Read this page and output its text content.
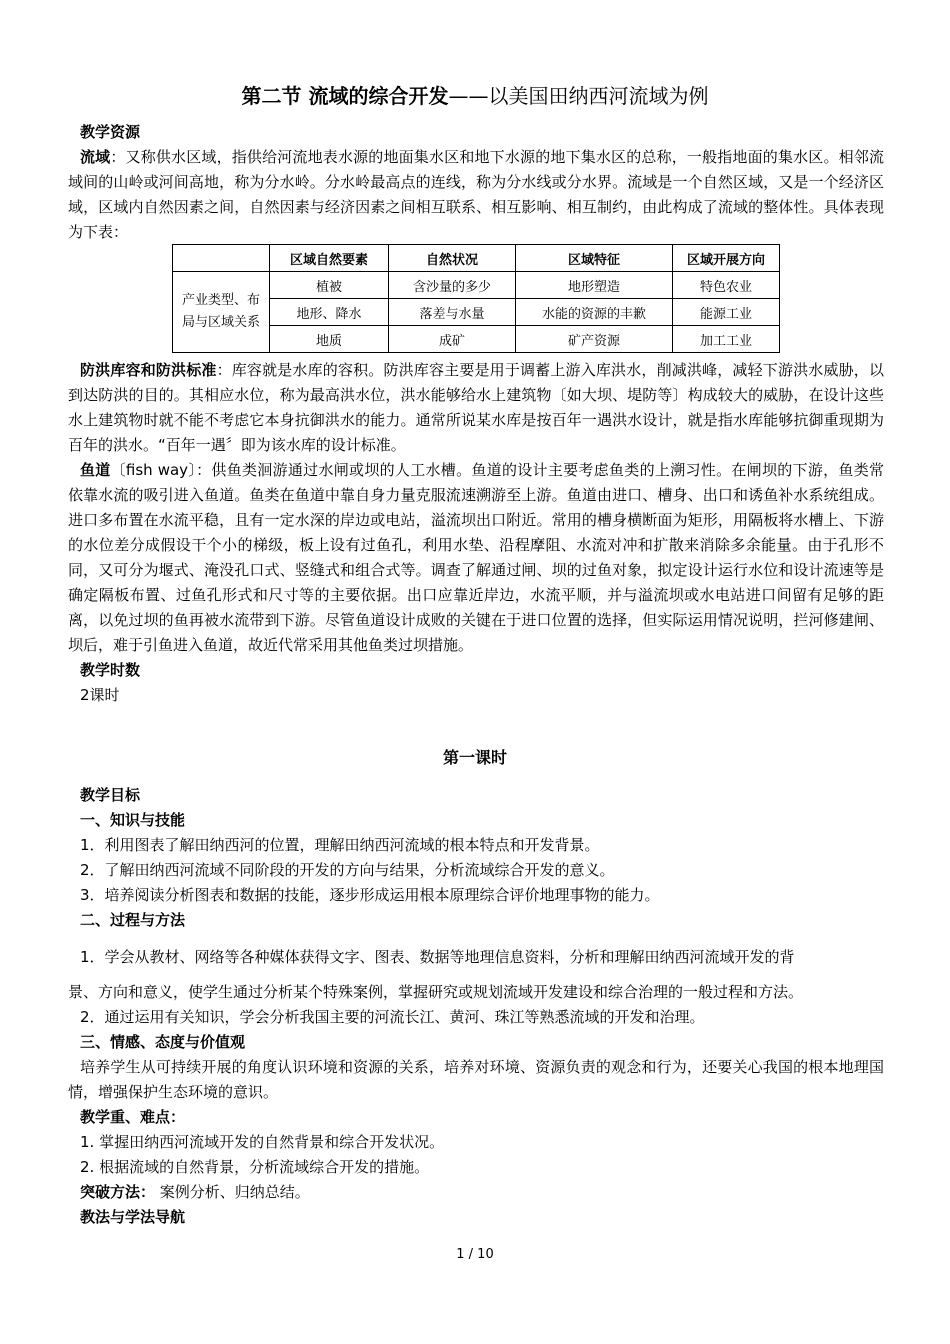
第二节 流域的综合开发——以美国田纳西河流域为例

教学资源

流域：又称供水区域，指供给河流地表水源的地面集水区和地下水源的地下集水区的总称，一般指地面的集水区。相邻流域间的山岭或河间高地，称为分水岭。分水岭最高点的连线，称为分水线或分水界。流域是一个自然区域，又是一个经济区域，区域内自然因素之间，自然因素与经济因素之间相互联系、相互影响、相互制约，由此构成了流域的整体性。具体表现为下表：

	区域自然要素	自然状况	区域特征	区域开展方向
产业类型、布局与区域关系	植被	含沙量的多少	地形塑造	特色农业
	地形、降水	落差与水量	水能的资源的丰歉	能源工业
	地质	成矿	矿产资源	加工工业

防洪库容和防洪标准：库容就是水库的容积。防洪库容主要是用于调蓄上游入库洪水，削减洪峰，减轻下游洪水威胁，以到达防洪的目的。其相应水位，称为最高洪水位，洪水能够给水上建筑物〔如大坝、堤防等〕构成较大的威胁，在设计这些水上建筑物时就不能不考虑它本身抗御洪水的能力。通常所说某水库是按百年一遇洪水设计，就是指水库能够抗御重现期为百年的洪水。“百年一遇〞即为该水库的设计标准。

鱼道〔fish way〕：供鱼类洄游通过水闸或坝的人工水槽。鱼道的设计主要考虑鱼类的上溯习性。在闸坝的下游，鱼类常依靠水流的吸引进入鱼道。鱼类在鱼道中靠自身力量克服流速溯游至上游。鱼道由进口、槽身、出口和诱鱼补水系统组成。进口多布置在水流平稳，且有一定水深的岸边或电站，溢流坝出口附近。常用的槽身横断面为矩形，用隔板将水槽上、下游的水位差分成假设干个小的梯级，板上设有过鱼孔，利用水垫、沿程摩阻、水流对冲和扩散来消除多余能量。由于孔形不同，又可分为堰式、淹没孔口式、竖缝式和组合式等。调查了解通过闸、坝的过鱼对象，拟定设计运行水位和设计流速等是确定隔板布置、过鱼孔形式和尺寸等的主要依据。出口应靠近岸边，水流平顺，并与溢流坝或水电站进口间留有足够的距离，以免过坝的鱼再被水流带到下游。尽管鱼道设计成败的关键在于进口位置的选择，但实际运用情况说明，拦河修建闸、坝后，难于引鱼进入鱼道，故近代常采用其他鱼类过坝措施。

教学时数

2课时

第一课时

教学目标

一、知识与技能

1．利用图表了解田纳西河的位置，理解田纳西河流域的根本特点和开发背景。

2．了解田纳西河流域不同阶段的开发的方向与结果，分析流域综合开发的意义。

3．培养阅读分析图表和数据的技能，逐步形成运用根本原理综合评价地理事物的能力。

二、过程与方法

1．学会从教材、网络等各种媒体获得文字、图表、数据等地理信息资料，分析和理解田纳西河流域开发的背

景、方向和意义，使学生通过分析某个特殊案例，掌握研究或规划流域开发建设和综合治理的一般过程和方法。

2．通过运用有关知识，学会分析我国主要的河流长江、黄河、珠江等熟悉流域的开发和治理。

三、情感、态度与价值观

培养学生从可持续开展的角度认识环境和资源的关系，培养对环境、资源负责的观念和行为，还要关心我国的根本地理国情，增强保护生态环境的意识。

教学重、难点：

1. 掌握田纳西河流域开发的自然背景和综合开发状况。

2. 根据流域的自然背景，分析流域综合开发的措施。

突破方法： 案例分析、归纳总结。

教法与学法导航

1 / 10
